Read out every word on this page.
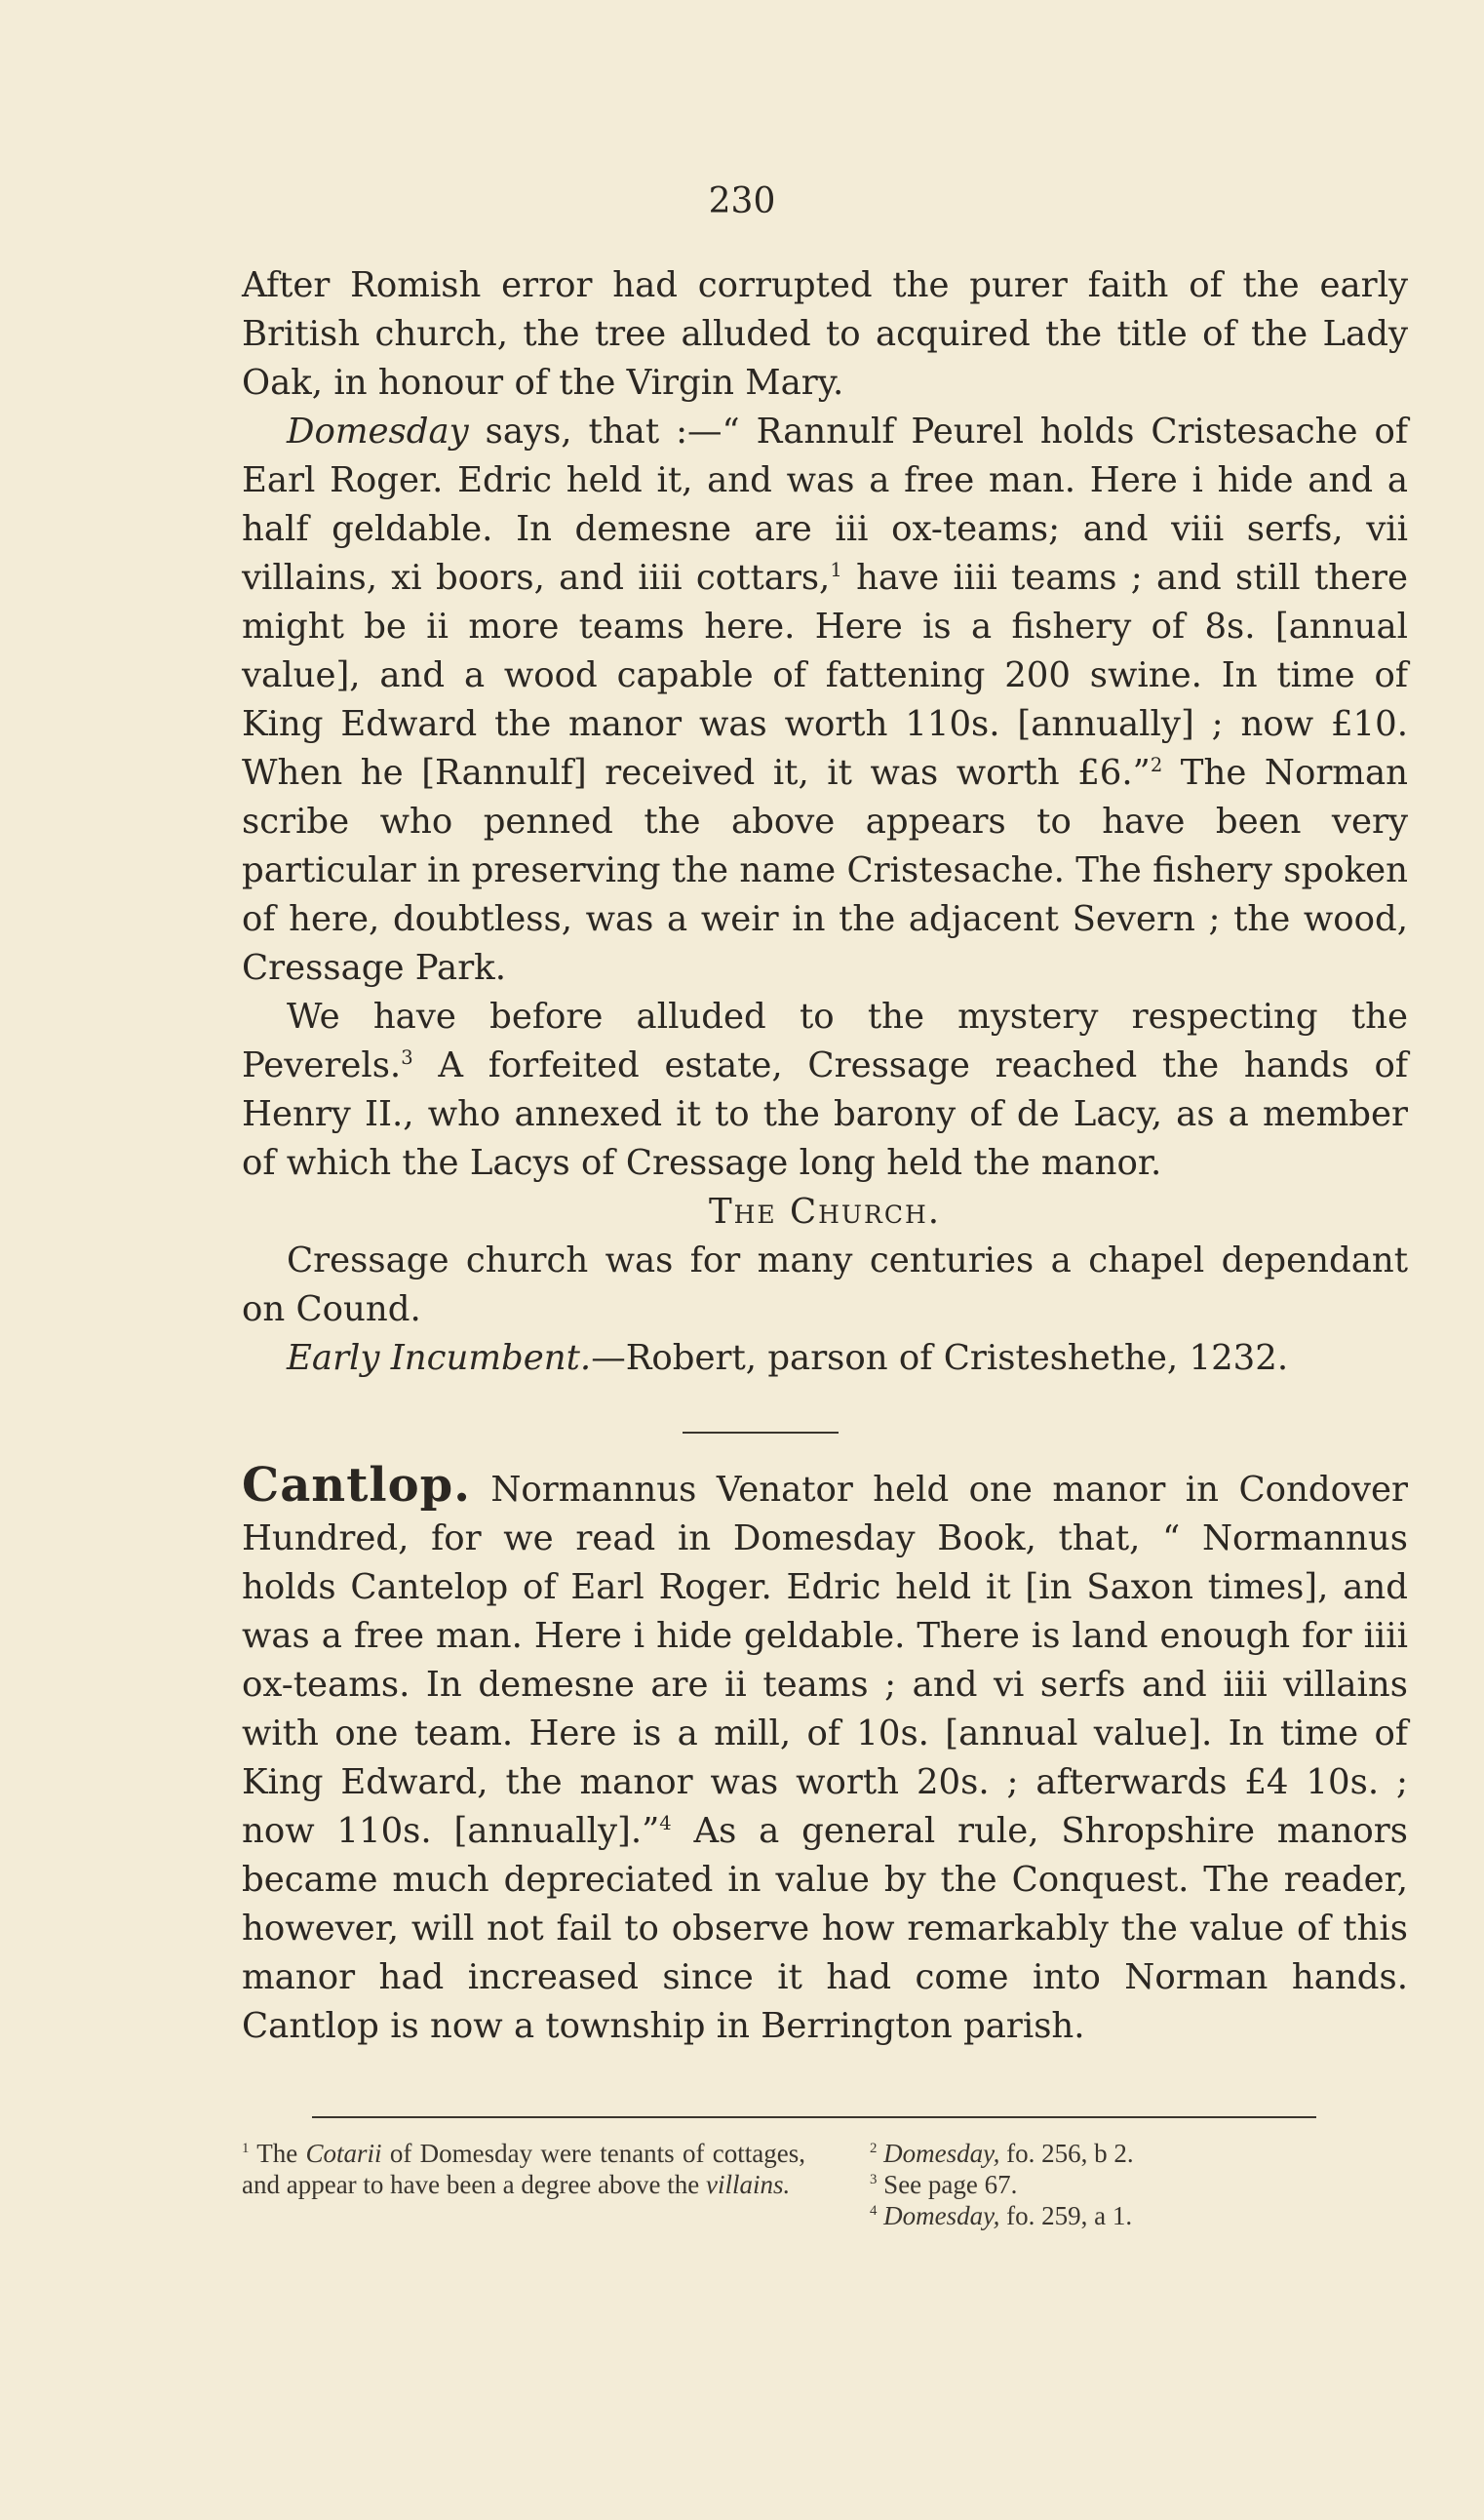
230

After Romish error had corrupted the purer faith of the early British church, the tree alluded to acquired the title of the Lady Oak, in honour of the Virgin Mary.

Domesday says, that :—“ Rannulf Peurel holds Cristesache of Earl Roger. Edric held it, and was a free man. Here i hide and a half geldable. In demesne are iii ox-teams; and viii serfs, vii villains, xi boors, and iiii cottars,$^1$ have iiii teams ; and still there might be ii more teams here. Here is a fishery of 8s. [annual value], and a wood capable of fattening 200 swine. In time of King Edward the manor was worth 110s. [annually] ; now £10. When he [Rannulf] received it, it was worth £6.”$^2$ The Norman scribe who penned the above appears to have been very particular in preserving the name Cristesache. The fishery spoken of here, doubtless, was a weir in the adjacent Severn ; the wood, Cressage Park.

We have before alluded to the mystery respecting the Peverels.$^3$ A forfeited estate, Cressage reached the hands of Henry II., who annexed it to the barony of de Lacy, as a member of which the Lacys of Cressage long held the manor.

The Church.

Cressage church was for many centuries a chapel dependant on Cound.

Early Incumbent.—Robert, parson of Cristeshethe, 1232.

Cantlop. Normannus Venator held one manor in Condover Hundred, for we read in Domesday Book, that, “ Normannus holds Cantelop of Earl Roger. Edric held it [in Saxon times], and was a free man. Here i hide geldable. There is land enough for iiii ox-teams. In demesne are ii teams ; and vi serfs and iiii villains with one team. Here is a mill, of 10s. [annual value]. In time of King Edward, the manor was worth 20s. ; afterwards £4 10s. ; now 110s. [annually].”$^4$ As a general rule, Shropshire manors became much depreciated in value by the Conquest. The reader, however, will not fail to observe how remarkably the value of this manor had increased since it had come into Norman hands. Cantlop is now a township in Berrington parish.

$^1$ The Cotarii of Domesday were tenants of cottages, and appear to have been a degree above the villains.
$^2$ Domesday, fo. 256, b 2.
$^3$ See page 67.
$^4$ Domesday, fo. 259, a 1.
